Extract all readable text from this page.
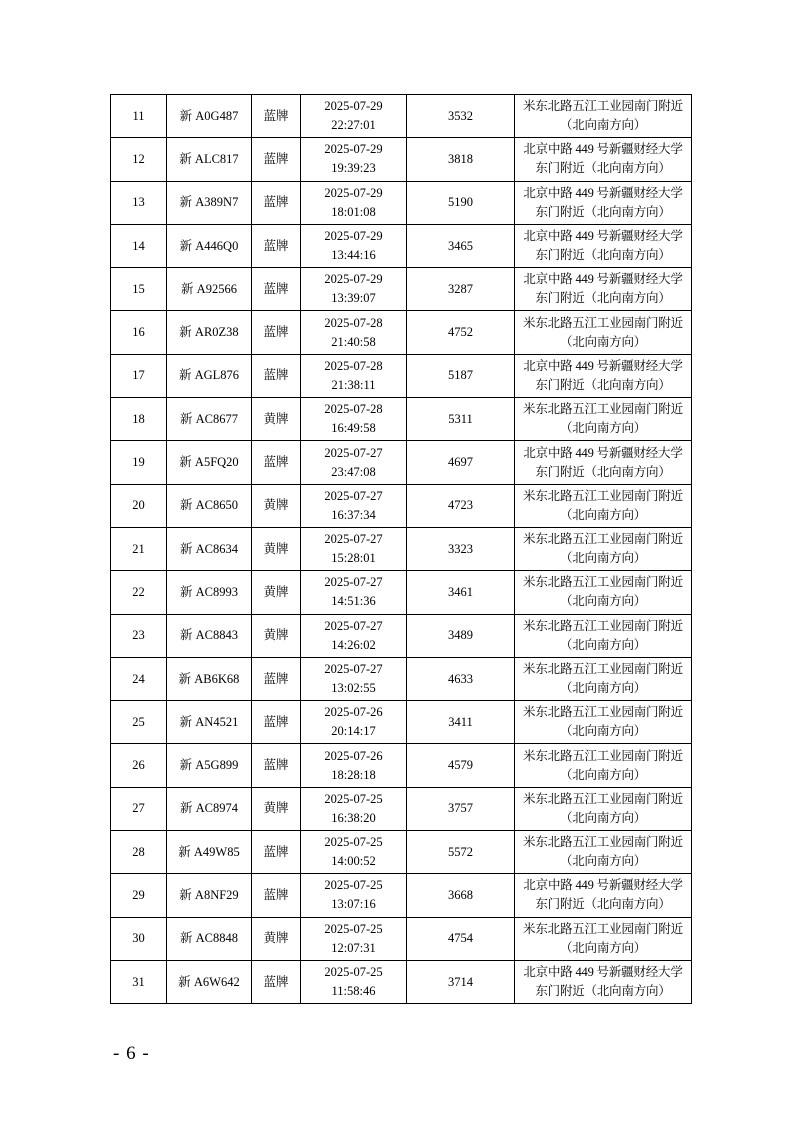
11	新 A0G487	蓝牌	2025-07-29
22:27:01	3532	米东北路五江工业园南门附近
（北向南方向）

12	新 ALC817	蓝牌	2025-07-29
19:39:23	3818	北京中路 449 号新疆财经大学
东门附近（北向南方向）

13	新 A389N7	蓝牌	2025-07-29
18:01:08	5190	北京中路 449 号新疆财经大学
东门附近（北向南方向）

14	新 A446Q0	蓝牌	2025-07-29
13:44:16	3465	北京中路 449 号新疆财经大学
东门附近（北向南方向）

15	新 A92566	蓝牌	2025-07-29
13:39:07	3287	北京中路 449 号新疆财经大学
东门附近（北向南方向）

16	新 AR0Z38	蓝牌	2025-07-28
21:40:58	4752	米东北路五江工业园南门附近
（北向南方向）

17	新 AGL876	蓝牌	2025-07-28
21:38:11	5187	北京中路 449 号新疆财经大学
东门附近（北向南方向）

18	新 AC8677	黄牌	2025-07-28
16:49:58	5311	米东北路五江工业园南门附近
（北向南方向）

19	新 A5FQ20	蓝牌	2025-07-27
23:47:08	4697	北京中路 449 号新疆财经大学
东门附近（北向南方向）

20	新 AC8650	黄牌	2025-07-27
16:37:34	4723	米东北路五江工业园南门附近
（北向南方向）

21	新 AC8634	黄牌	2025-07-27
15:28:01	3323	米东北路五江工业园南门附近
（北向南方向）

22	新 AC8993	黄牌	2025-07-27
14:51:36	3461	米东北路五江工业园南门附近
（北向南方向）

23	新 AC8843	黄牌	2025-07-27
14:26:02	3489	米东北路五江工业园南门附近
（北向南方向）

24	新 AB6K68	蓝牌	2025-07-27
13:02:55	4633	米东北路五江工业园南门附近
（北向南方向）

25	新 AN4521	蓝牌	2025-07-26
20:14:17	3411	米东北路五江工业园南门附近
（北向南方向）

26	新 A5G899	蓝牌	2025-07-26
18:28:18	4579	米东北路五江工业园南门附近
（北向南方向）

27	新 AC8974	黄牌	2025-07-25
16:38:20	3757	米东北路五江工业园南门附近
（北向南方向）

28	新 A49W85	蓝牌	2025-07-25
14:00:52	5572	米东北路五江工业园南门附近
（北向南方向）

29	新 A8NF29	蓝牌	2025-07-25
13:07:16	3668	北京中路 449 号新疆财经大学
东门附近（北向南方向）

30	新 AC8848	黄牌	2025-07-25
12:07:31	4754	米东北路五江工业园南门附近
（北向南方向）

31	新 A6W642	蓝牌	2025-07-25
11:58:46	3714	北京中路 449 号新疆财经大学
东门附近（北向南方向）
- 6 -
